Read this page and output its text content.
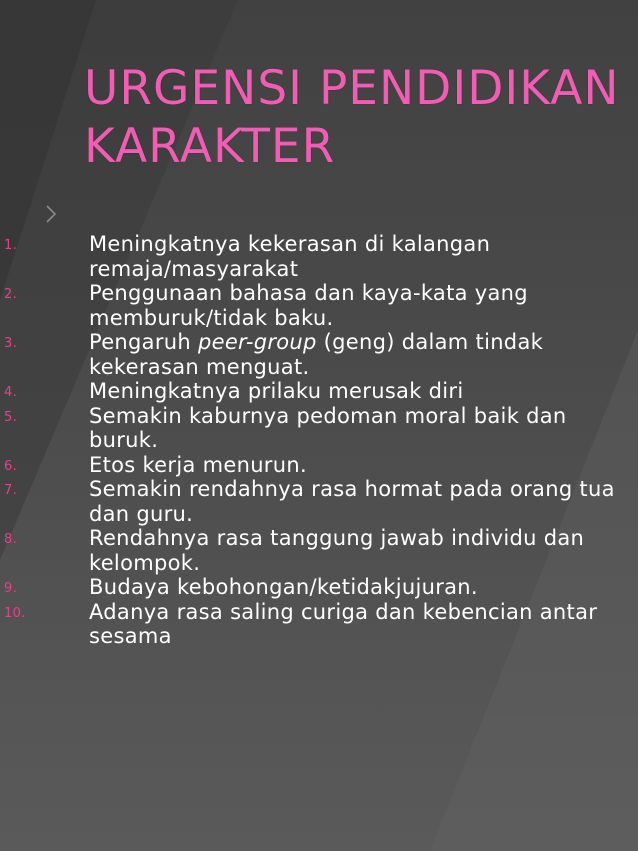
URGENSI PENDIDIKAN
KARAKTER
1.	Meningkatnya kekerasan di kalangan remaja/masyarakat
2.	Penggunaan bahasa dan kaya-kata yang memburuk/tidak baku.
3.	Pengaruh peer-group (geng) dalam tindak kekerasan menguat.
4.	Meningkatnya prilaku merusak diri
5.	Semakin kaburnya pedoman moral baik dan buruk.
6.	Etos kerja menurun.
7.	Semakin rendahnya rasa hormat pada orang tua dan guru.
8.	Rendahnya rasa tanggung jawab individu dan kelompok.
9.	Budaya kebohongan/ketidakjujuran.
10.	Adanya rasa saling curiga dan kebencian antar sesama
